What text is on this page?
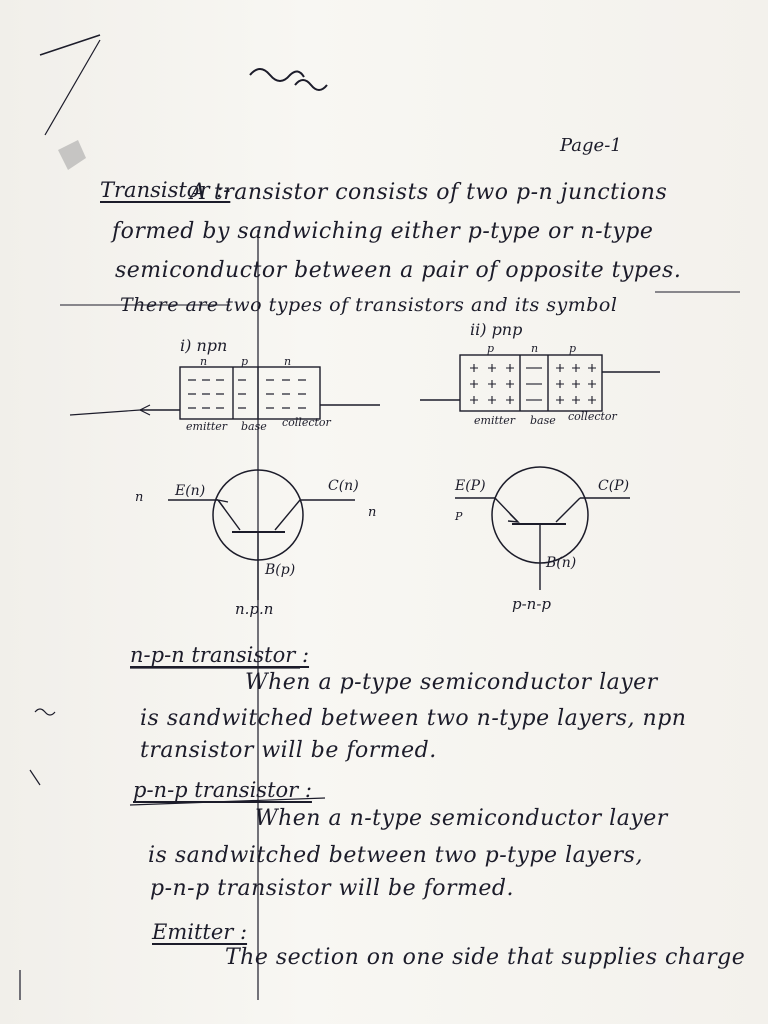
Page-1
Transistor :-
A transistor consists of two p-n junctions
formed by sandwiching either p-type or n-type
semiconductor between a pair of opposite types.
There are two types of transistors and its symbol
i) npn
n	p	n
emitter base collector
ii) pnp
p	n	p
emitter base collector
n E(n)	C(n)
n
B(p)
n.p.n
E(P)
P
C(P)
B(n)
p-n-p
n-p-n transistor :
When a p-type semiconductor layer
is sandwitched between two n-type layers, npn
transistor will be formed.
p-n-p transistor :
When a n-type semiconductor layer
is sandwitched between two p-type layers,
p-n-p transistor will be formed.
Emitter :
The section on one side that supplies charge
